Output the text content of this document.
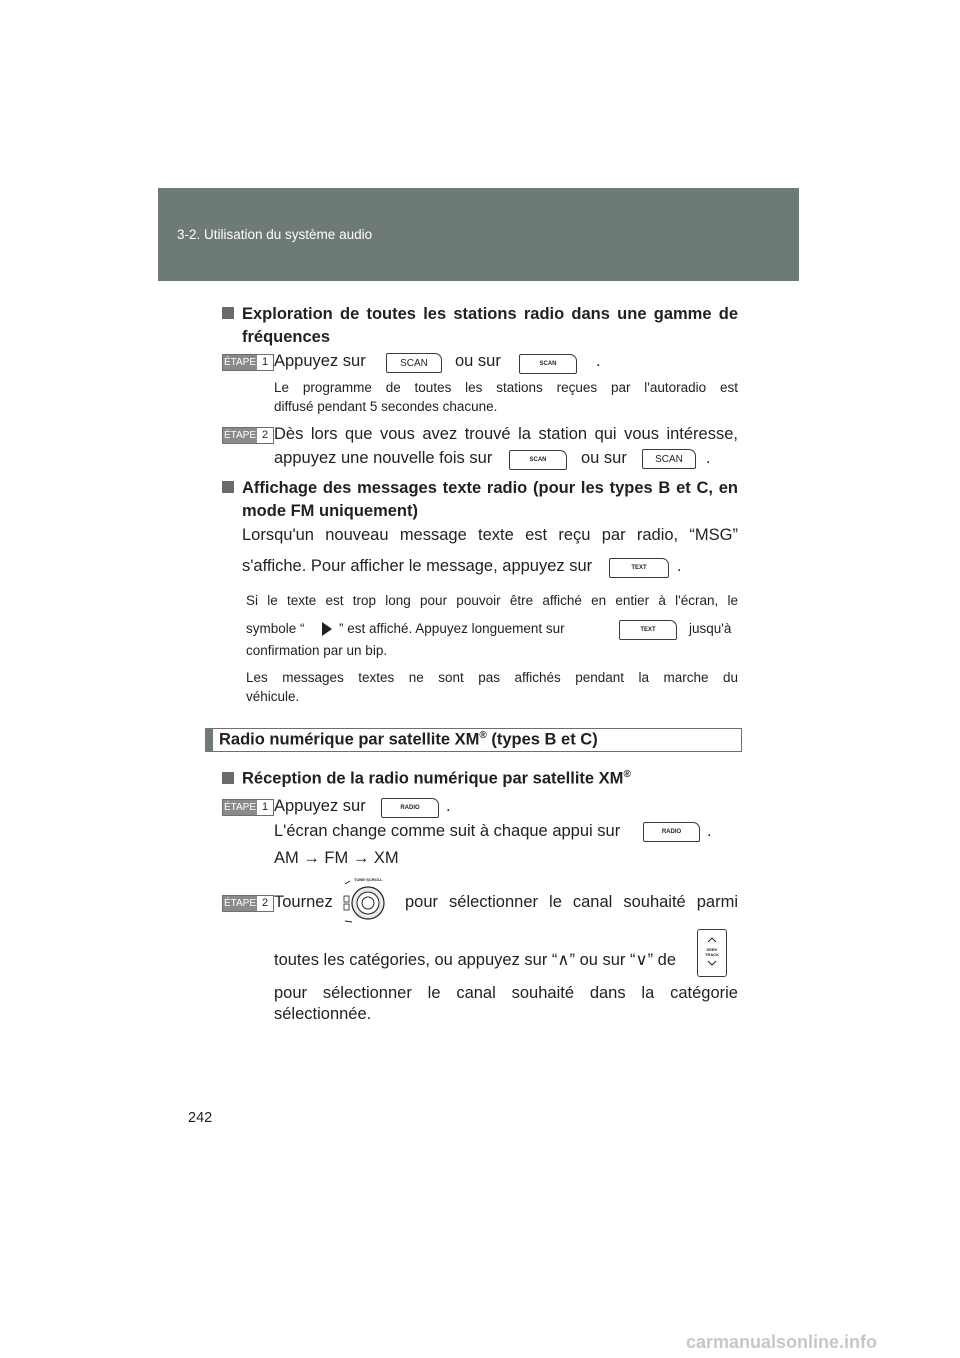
3-2. Utilisation du système audio
Exploration de toutes les stations radio dans une gamme de
fréquences
ÉTAPE 1 Appuyez sur	SCAN	ou sur	SCAN	.
Le programme de toutes les stations reçues par l'autoradio est
diffusé pendant 5 secondes chacune.
ÉTAPE 2 Dès lors que vous avez trouvé la station qui vous intéresse,
appuyez une nouvelle fois sur	SCAN	ou sur	SCAN	.
Affichage des messages texte radio (pour les types B et C, en
mode FM uniquement)
Lorsqu'un nouveau message texte est reçu par radio, “MSG”
s'affiche. Pour afficher le message, appuyez sur	TEXT	.
Si le texte est trop long pour pouvoir être affiché en entier à l'écran, le
symbole “	” est affiché. Appuyez longuement sur	TEXT	jusqu'à
confirmation par un bip.
Les messages textes ne sont pas affichés pendant la marche du
véhicule.
Radio numérique par satellite XM® (types B et C)
Réception de la radio numérique par satellite XM®
ÉTAPE 1 Appuyez sur	RADIO	.
L'écran change comme suit à chaque appui sur	RADIO	.
AM → FM → XM
ÉTAPE 2 Tournez
TUNE·SCROLL
pour sélectionner le canal souhaité parmi
toutes les catégories, ou appuyez sur “∧” ou sur “∨” de
SEEK TRACK
pour sélectionner le canal souhaité dans la catégorie
sélectionnée.
242
carmanualsonline.info
